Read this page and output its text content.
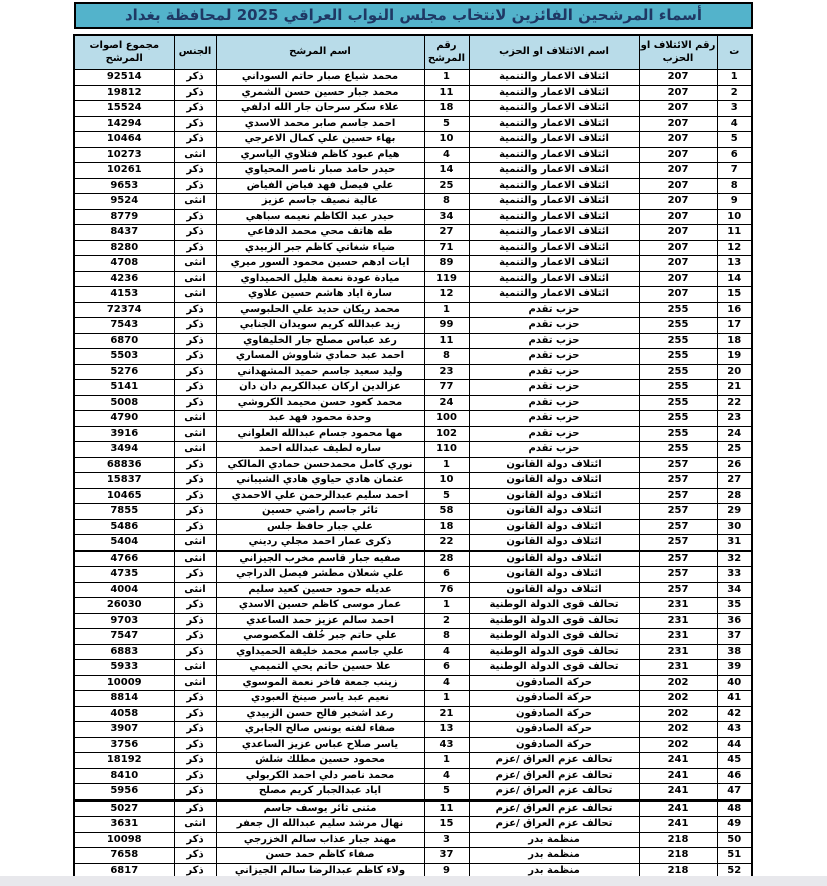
أسماء المرشحين الفائزين لانتخاب مجلس النواب العراقي 2025 لمحافظة بغداد
ت	رقم الائتلاف او الحزب	اسم الائتلاف او الحزب	رقم المرشح	اسم المرشح	الجنس	مجموع اصوات المرشح
1	207	ائتلاف الاعمار والتنمية	1	محمد شياع صبار حاتم السوداني	ذكر	92514
2	207	ائتلاف الاعمار والتنمية	11	محمد جبار حسين حسن الشمري	ذكر	19812
3	207	ائتلاف الاعمار والتنمية	18	علاء سكر سرحان جار الله ادلفي	ذكر	15524
4	207	ائتلاف الاعمار والتنمية	5	احمد جاسم صابر محمد الاسدي	ذكر	14294
5	207	ائتلاف الاعمار والتنمية	10	بهاء حسين علي كمال الاعرجي	ذكر	10464
6	207	ائتلاف الاعمار والتنمية	4	هيام عبود كاظم فتلاوي الياسري	انثى	10273
7	207	ائتلاف الاعمار والتنمية	14	حيدر حامد صبار ناصر المحياوي	ذكر	10261
8	207	ائتلاف الاعمار والتنمية	25	علي فيصل فهد فياض الفياض	ذكر	9653
9	207	ائتلاف الاعمار والتنمية	8	عالية نصيف جاسم عزيز	انثى	9524
10	207	ائتلاف الاعمار والتنمية	34	حيدر عبد الكاظم نعيمه سباهي	ذكر	8779
11	207	ائتلاف الاعمار والتنمية	27	طه هاتف محي محمد الدفاعي	ذكر	8437
12	207	ائتلاف الاعمار والتنمية	71	ضياء شغاتي كاظم جبر الزبيدي	ذكر	8280
13	207	ائتلاف الاعمار والتنمية	89	ايات ادهم حسين محمود السور ميري	انثى	4708
14	207	ائتلاف الاعمار والتنمية	119	ميادة عودة نعمة هليل الحميداوي	انثى	4236
15	207	ائتلاف الاعمار والتنمية	12	سارة اياد هاشم حسين علاوي	انثى	4153
16	255	حزب تقدم	1	محمد ريكان حديد علي الحلبوسي	ذكر	72374
17	255	حزب تقدم	99	زيد عبدالله كريم سويدان الجنابي	ذكر	7543
18	255	حزب تقدم	11	رعد عباس مصلح جار الخليفاوي	ذكر	6870
19	255	حزب تقدم	8	احمد عبد حمادي شاووش المساري	ذكر	5503
20	255	حزب تقدم	23	وليد سعيد جاسم حميد المشهداني	ذكر	5276
21	255	حزب تقدم	77	عزالدين اركان عبدالكريم دان دان	ذكر	5141
22	255	حزب تقدم	24	محمد كعود حسن محيمد الكروشي	ذكر	5008
23	255	حزب تقدم	100	وحدة محمود فهد عبد	انثى	4790
24	255	حزب تقدم	102	مها محمود جسام عبدالله العلواني	انثى	3916
25	255	حزب تقدم	110	ساره لطيف عبدالله احمد	انثى	3494
26	257	ائتلاف دولة القانون	1	نوري كامل محمدحسن حمادي المالكي	ذكر	68836
27	257	ائتلاف دولة القانون	10	عثمان هادي حياوي هادي الشيباني	ذكر	15837
28	257	ائتلاف دولة القانون	5	احمد سليم عبدالرحمن علي الاحمدي	ذكر	10465
29	257	ائتلاف دولة القانون	58	ثائر جاسم راضي حسين	ذكر	7855
30	257	ائتلاف دولة القانون	18	علي جبار حافظ جلس	ذكر	5486
31	257	ائتلاف دولة القانون	22	ذكرى عمار احمد مجلي رديني	انثى	5404
32	257	ائتلاف دولة القانون	28	صفيه جبار قاسم مخرب الجيزاني	انثى	4766
33	257	ائتلاف دولة القانون	6	علي شعلان مطشر فيصل الدراجي	ذكر	4735
34	257	ائتلاف دولة القانون	76	عديله حمود حسين كعيد سليم	انثى	4004
35	231	تحالف قوى الدولة الوطنية	1	عمار موسى كاظم حسين الاسدي	ذكر	26030
36	231	تحالف قوى الدولة الوطنية	2	احمد سالم عزيز حمد الساعدي	ذكر	9703
37	231	تحالف قوى الدولة الوطنية	8	علي حاتم جبر خُلف المكصوصي	ذكر	7547
38	231	تحالف قوى الدولة الوطنية	4	علي جاسم محمد خليفة الحميداوي	ذكر	6883
39	231	تحالف قوى الدولة الوطنية	6	علا حسين حاتم يحي التميمي	انثى	5933
40	202	حركة الصادقون	4	زينب جمعة فاخر نعمة الموسوي	انثى	10009
41	202	حركة الصادقون	1	نعيم عبد ياسر صينخ العبودي	ذكر	8814
42	202	حركة الصادقون	21	رعد اشخير فالح حسن الزبيدي	ذكر	4058
43	202	حركة الصادقون	13	صفاء لفته يونس صالح الجابري	ذكر	3907
44	202	حركة الصادقون	43	ياسر صلاح عباس عزيز الساعدي	ذكر	3756
45	241	تحالف عزم العراق /عزم	1	محمود حسين مطلك شلش	ذكر	18192
46	241	تحالف عزم العراق /عزم	4	محمد ناصر دلي احمد الكربولي	ذكر	8410
47	241	تحالف عزم العراق /عزم	5	اياد عبدالجبار كريم مصلح	ذكر	5956
48	241	تحالف عزم العراق /عزم	11	مثنى ثائر يوسف جاسم	ذكر	5027
49	241	تحالف عزم العراق /عزم	15	نهال مرشد سليم عبدالله ال جعفر	انثى	3631
50	218	منظمة بدر	3	مهند جبار عذاب سالم الخزرجي	ذكر	10098
51	218	منظمة بدر	37	صفاء كاظم حمد حسن	ذكر	7658
52	218	منظمة بدر	9	ولاء كاظم عبدالرضا سالم الجيزاني	ذكر	6817
